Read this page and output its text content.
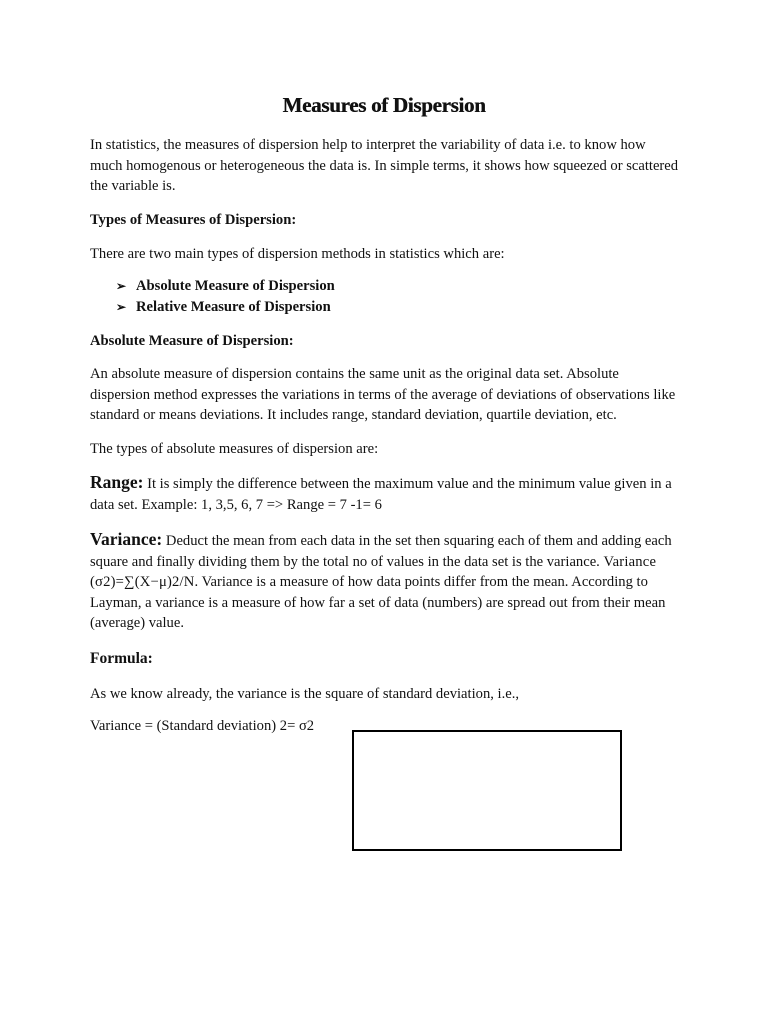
Measures of Dispersion
In statistics, the measures of dispersion help to interpret the variability of data i.e. to know how much homogenous or heterogeneous the data is. In simple terms, it shows how squeezed or scattered the variable is.
Types of Measures of Dispersion:
There are two main types of dispersion methods in statistics which are:
➢ Absolute Measure of Dispersion
➢ Relative Measure of Dispersion
Absolute Measure of Dispersion:
An absolute measure of dispersion contains the same unit as the original data set. Absolute dispersion method expresses the variations in terms of the average of deviations of observations like standard or means deviations. It includes range, standard deviation, quartile deviation, etc.
The types of absolute measures of dispersion are:
Range: It is simply the difference between the maximum value and the minimum value given in a data set. Example: 1, 3,5, 6, 7 => Range = 7 -1= 6
Variance: Deduct the mean from each data in the set then squaring each of them and adding each square and finally dividing them by the total no of values in the data set is the variance. Variance (σ2)=∑(X−μ)2/N. Variance is a measure of how data points differ from the mean. According to Layman, a variance is a measure of how far a set of data (numbers) are spread out from their mean (average) value.
Formula:
As we know already, the variance is the square of standard deviation, i.e.,
Variance = (Standard deviation) 2= σ2
